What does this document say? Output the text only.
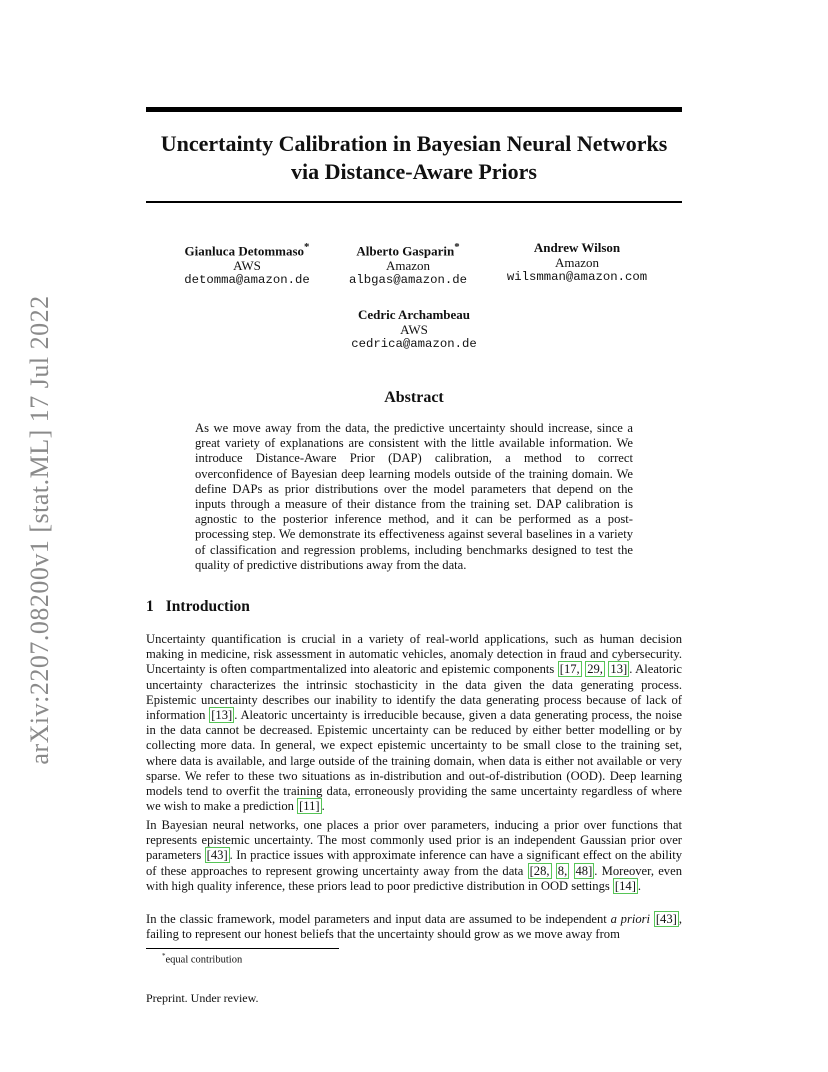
arXiv:2207.08200v1 [stat.ML] 17 Jul 2022
Uncertainty Calibration in Bayesian Neural Networks
via Distance-Aware Priors
Gianluca Detommaso*
AWS
detomma@amazon.de
Alberto Gasparin*
Amazon
albgas@amazon.de
Andrew Wilson
Amazon
wilsmman@amazon.com
Cedric Archambeau
AWS
cedrica@amazon.de
Abstract
As we move away from the data, the predictive uncertainty should increase, since a great variety of explanations are consistent with the little available information. We introduce Distance-Aware Prior (DAP) calibration, a method to correct overconfidence of Bayesian deep learning models outside of the training domain. We define DAPs as prior distributions over the model parameters that depend on the inputs through a measure of their distance from the training set. DAP calibration is agnostic to the posterior inference method, and it can be performed as a post-processing step. We demonstrate its effectiveness against several baselines in a variety of classification and regression problems, including benchmarks designed to test the quality of predictive distributions away from the data.
1 Introduction
Uncertainty quantification is crucial in a variety of real-world applications, such as human decision making in medicine, risk assessment in automatic vehicles, anomaly detection in fraud and cybersecurity. Uncertainty is often compartmentalized into aleatoric and epistemic components [17, 29, 13] . Aleatoric uncertainty characterizes the intrinsic stochasticity in the data given the data generating process. Epistemic uncertainty describes our inability to identify the data generating process because of lack of information [13] . Aleatoric uncertainty is irreducible because, given a data generating process, the noise in the data cannot be decreased. Epistemic uncertainty can be reduced by either better modelling or by collecting more data. In general, we expect epistemic uncertainty to be small close to the training set, where data is available, and large outside of the training domain, when data is either not available or very sparse. We refer to these two situations as in-distribution and out-of-distribution (OOD). Deep learning models tend to overfit the training data, erroneously providing the same uncertainty regardless of where we wish to make a prediction [11] .
In Bayesian neural networks, one places a prior over parameters, inducing a prior over functions that represents epistemic uncertainty. The most commonly used prior is an independent Gaussian prior over parameters [43] . In practice issues with approximate inference can have a significant effect on the ability of these approaches to represent growing uncertainty away from the data [28, 8, 48] . Moreover, even with high quality inference, these priors lead to poor predictive distribution in OOD settings [14] .
In the classic framework, model parameters and input data are assumed to be independent a priori [43] , failing to represent our honest beliefs that the uncertainty should grow as we move away from
*equal contribution
Preprint. Under review.
